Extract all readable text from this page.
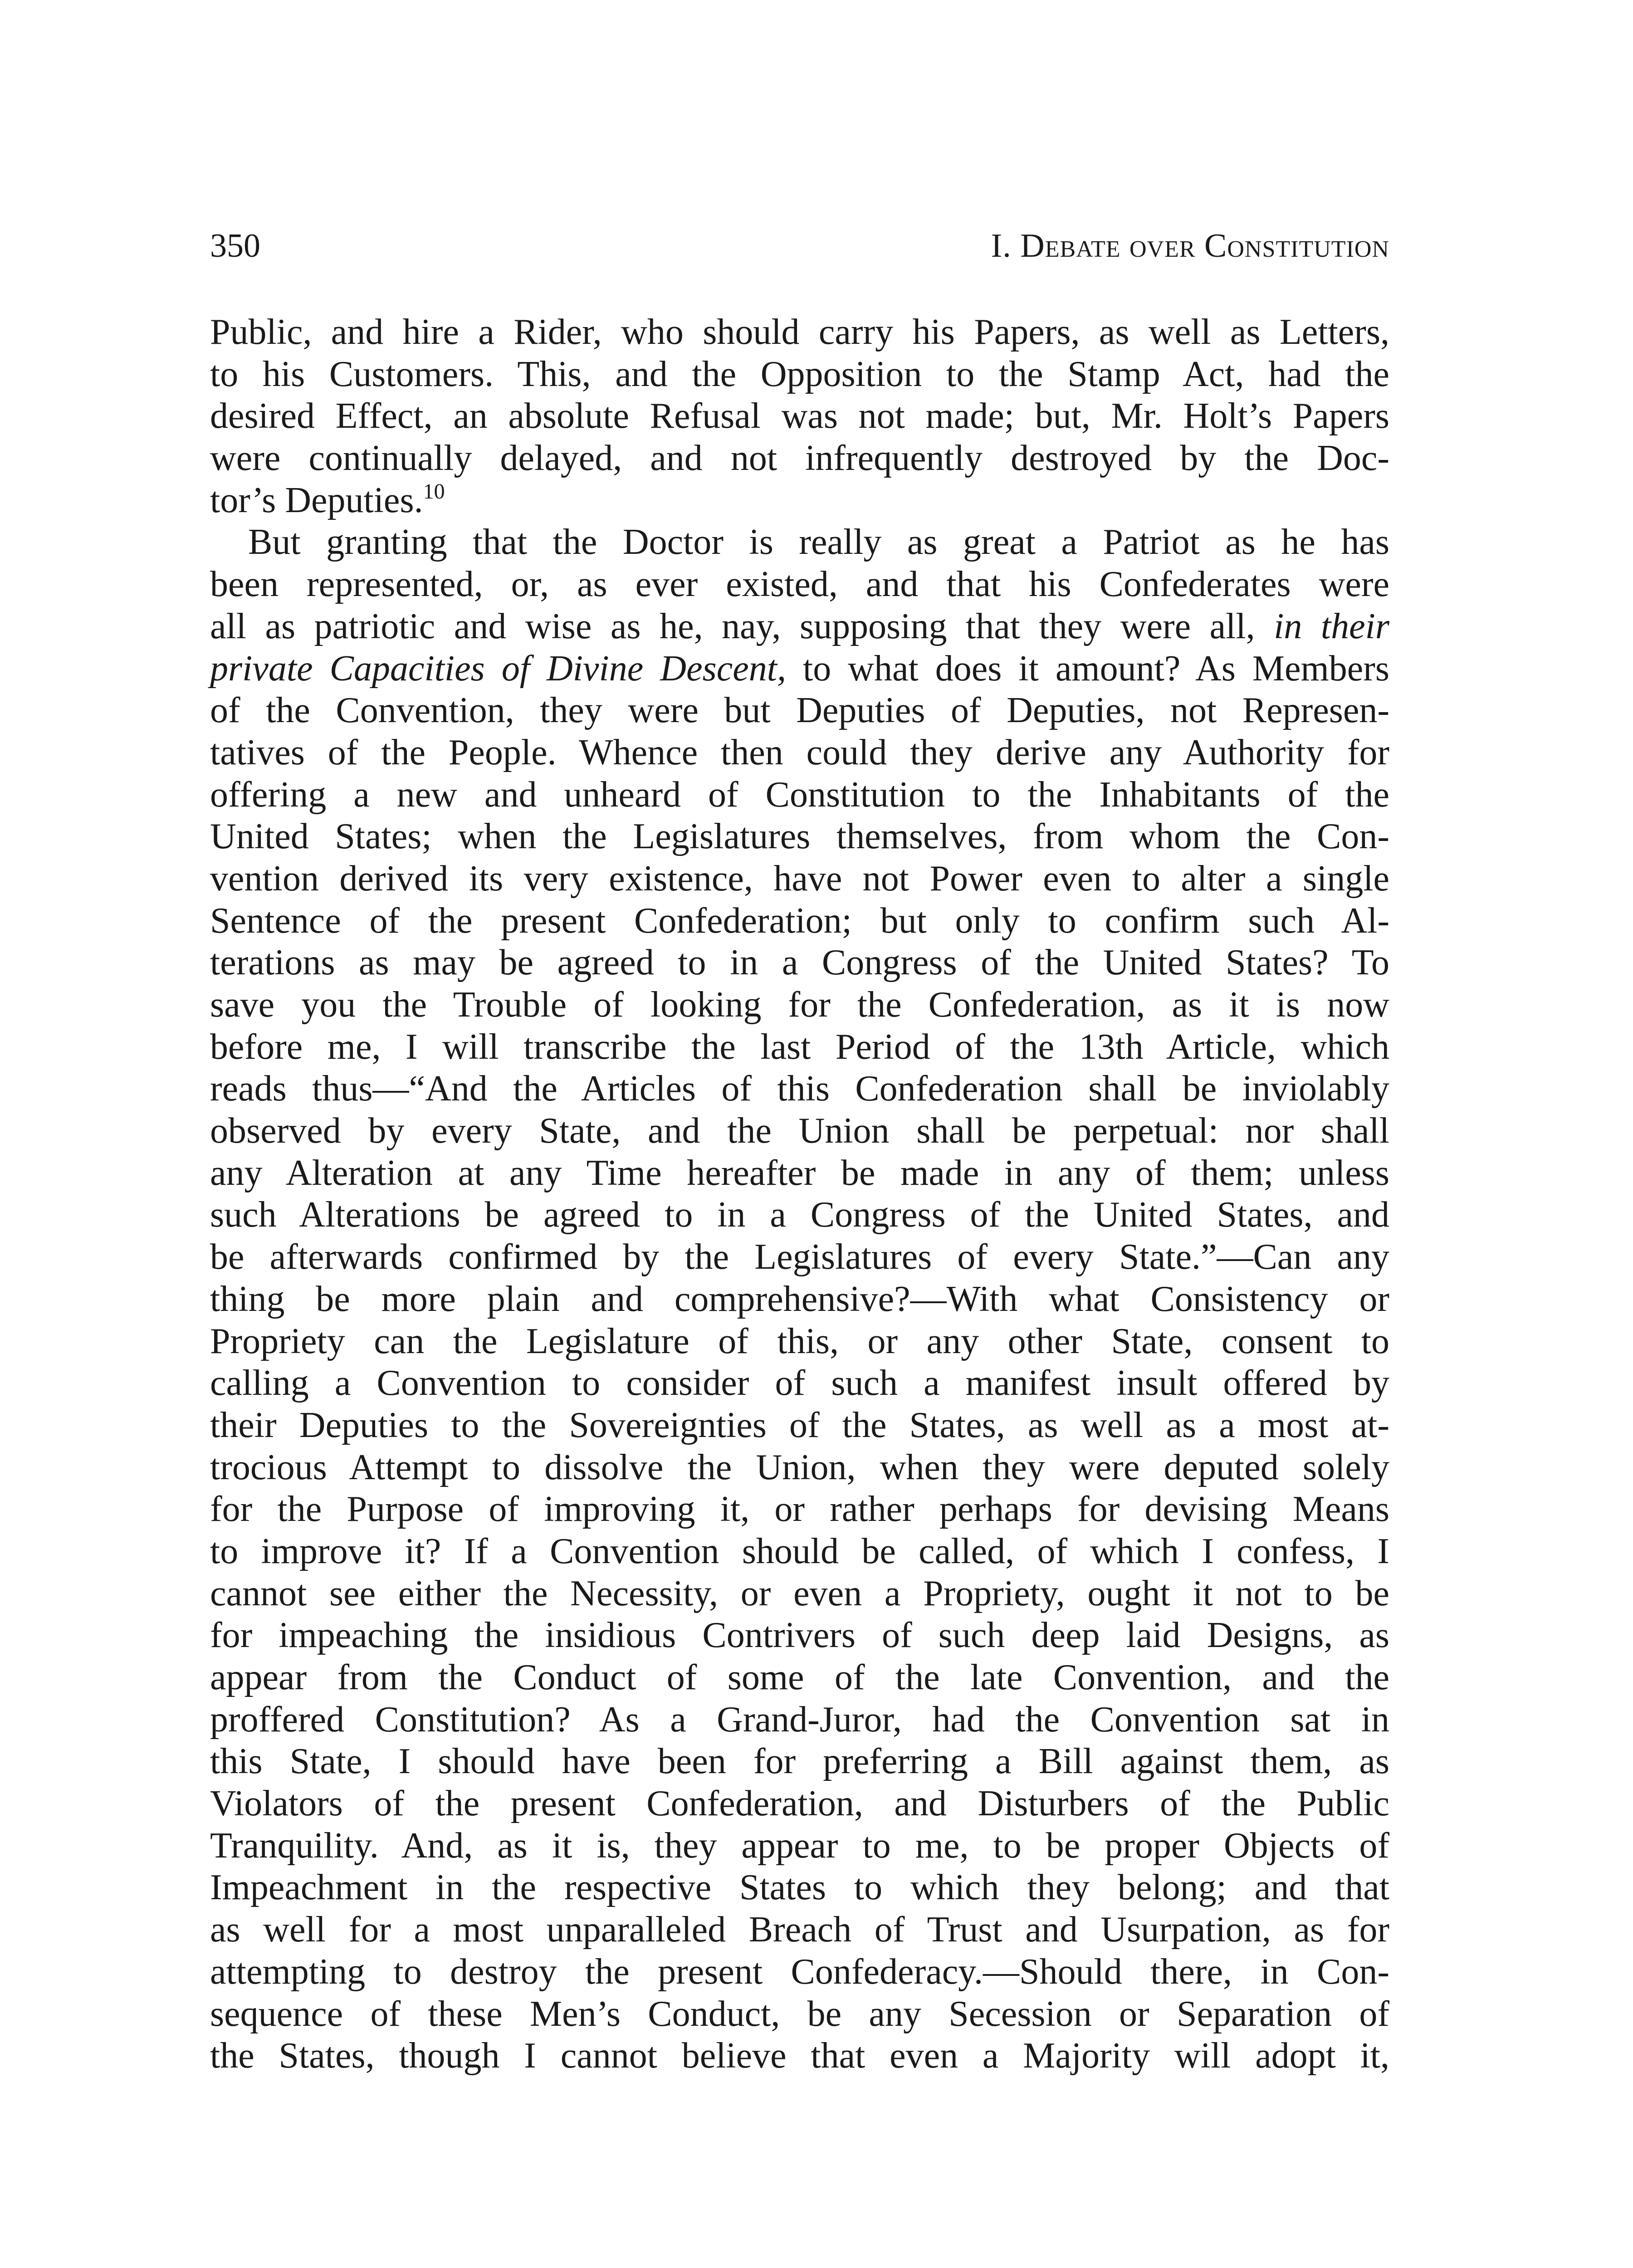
350	I. Debate over Constitution
Public, and hire a Rider, who should carry his Papers, as well as Letters,
to his Customers. This, and the Opposition to the Stamp Act, had the
desired Effect, an absolute Refusal was not made; but, Mr. Holt’s Papers
were continually delayed, and not infrequently destroyed by the Doc-
tor’s Deputies.$^{10}$
But granting that the Doctor is really as great a Patriot as he has
been represented, or, as ever existed, and that his Confederates were
all as patriotic and wise as he, nay, supposing that they were all, in their
private Capacities of Divine Descent, to what does it amount? As Members
of the Convention, they were but Deputies of Deputies, not Represen-
tatives of the People. Whence then could they derive any Authority for
offering a new and unheard of Constitution to the Inhabitants of the
United States; when the Legislatures themselves, from whom the Con-
vention derived its very existence, have not Power even to alter a single
Sentence of the present Confederation; but only to confirm such Al-
terations as may be agreed to in a Congress of the United States? To
save you the Trouble of looking for the Confederation, as it is now
before me, I will transcribe the last Period of the 13th Article, which
reads thus—“And the Articles of this Confederation shall be inviolably
observed by every State, and the Union shall be perpetual: nor shall
any Alteration at any Time hereafter be made in any of them; unless
such Alterations be agreed to in a Congress of the United States, and
be afterwards confirmed by the Legislatures of every State.”—Can any
thing be more plain and comprehensive?—With what Consistency or
Propriety can the Legislature of this, or any other State, consent to
calling a Convention to consider of such a manifest insult offered by
their Deputies to the Sovereignties of the States, as well as a most at-
trocious Attempt to dissolve the Union, when they were deputed solely
for the Purpose of improving it, or rather perhaps for devising Means
to improve it? If a Convention should be called, of which I confess, I
cannot see either the Necessity, or even a Propriety, ought it not to be
for impeaching the insidious Contrivers of such deep laid Designs, as
appear from the Conduct of some of the late Convention, and the
proffered Constitution? As a Grand-Juror, had the Convention sat in
this State, I should have been for preferring a Bill against them, as
Violators of the present Confederation, and Disturbers of the Public
Tranquility. And, as it is, they appear to me, to be proper Objects of
Impeachment in the respective States to which they belong; and that
as well for a most unparalleled Breach of Trust and Usurpation, as for
attempting to destroy the present Confederacy.—Should there, in Con-
sequence of these Men’s Conduct, be any Secession or Separation of
the States, though I cannot believe that even a Majority will adopt it,
